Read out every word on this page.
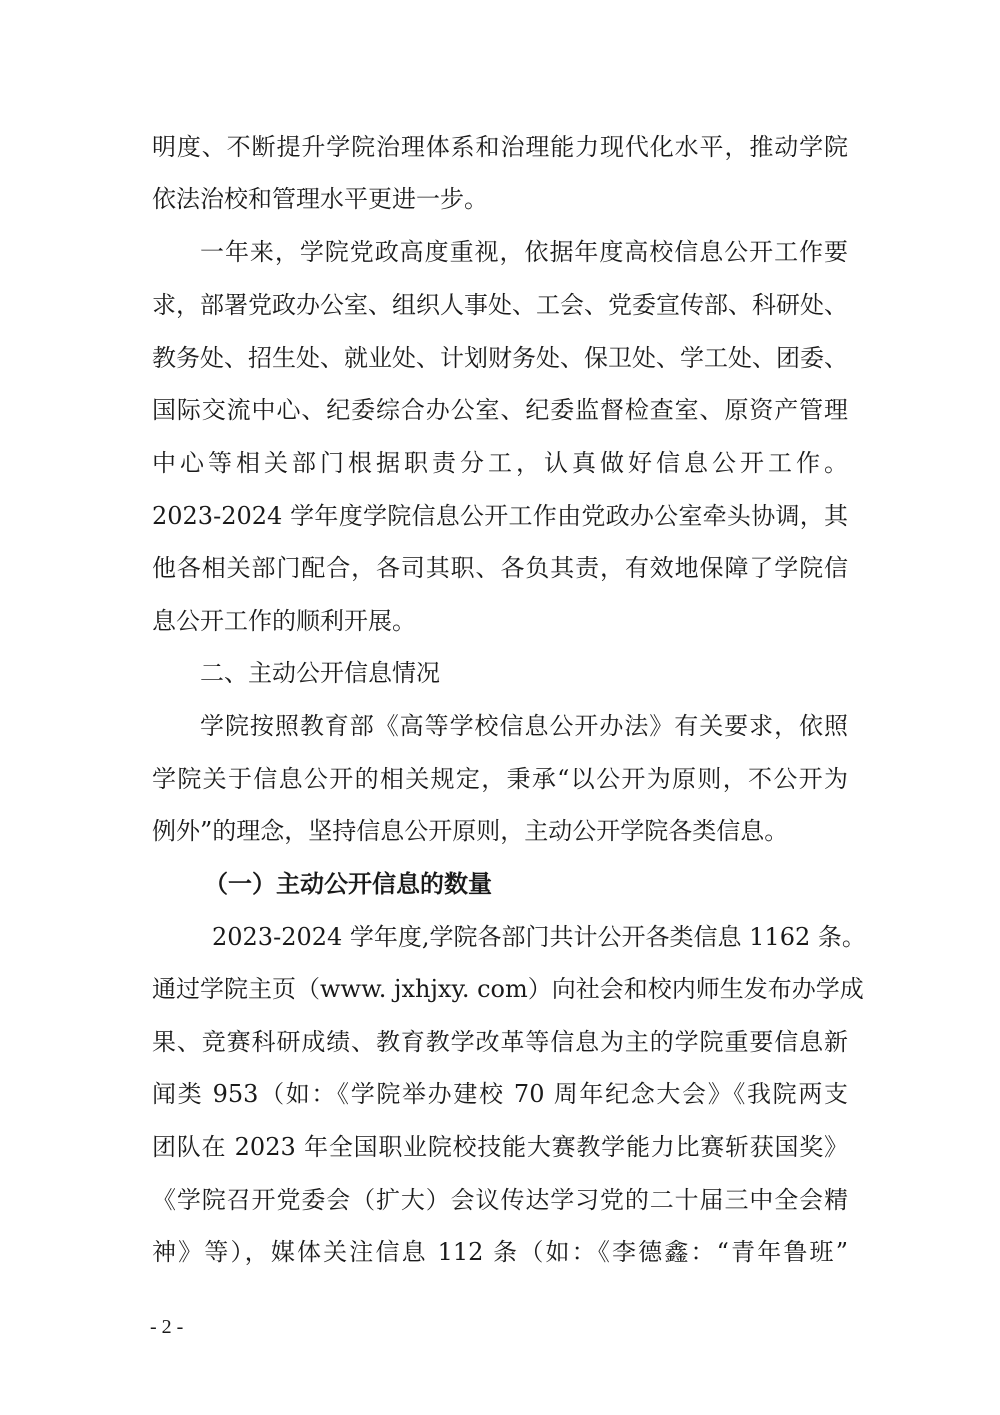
明度、不断提升学院治理体系和治理能力现代化水平，推动学院
依法治校和管理水平更进一步。
一年来，学院党政高度重视，依据年度高校信息公开工作要
求，部署党政办公室、组织人事处、工会、党委宣传部、科研处、
教务处、招生处、就业处、计划财务处、保卫处、学工处、团委、
国际交流中心、纪委综合办公室、纪委监督检查室、原资产管理
中心等相关部门根据职责分工，认真做好信息公开工作。
2023-2024 学年度学院信息公开工作由党政办公室牵头协调，其
他各相关部门配合，各司其职、各负其责，有效地保障了学院信
息公开工作的顺利开展。
二、主动公开信息情况
学院按照教育部《高等学校信息公开办法》有关要求，依照
学院关于信息公开的相关规定，秉承“以公开为原则，不公开为
例外”的理念，坚持信息公开原则，主动公开学院各类信息。
（一）主动公开信息的数量
2023-2024 学年度,学院各部门共计公开各类信息 1162 条。
通过学院主页（www. jxhjxy. com）向社会和校内师生发布办学成
果、竞赛科研成绩、教育教学改革等信息为主的学院重要信息新
闻类 953（如：《学院举办建校 70 周年纪念大会》《我院两支
团队在 2023 年全国职业院校技能大赛教学能力比赛斩获国奖》
《学院召开党委会（扩大）会议传达学习党的二十届三中全会精
神》等），媒体关注信息 112 条（如：《李德鑫：“青年鲁班”
- 2 -
